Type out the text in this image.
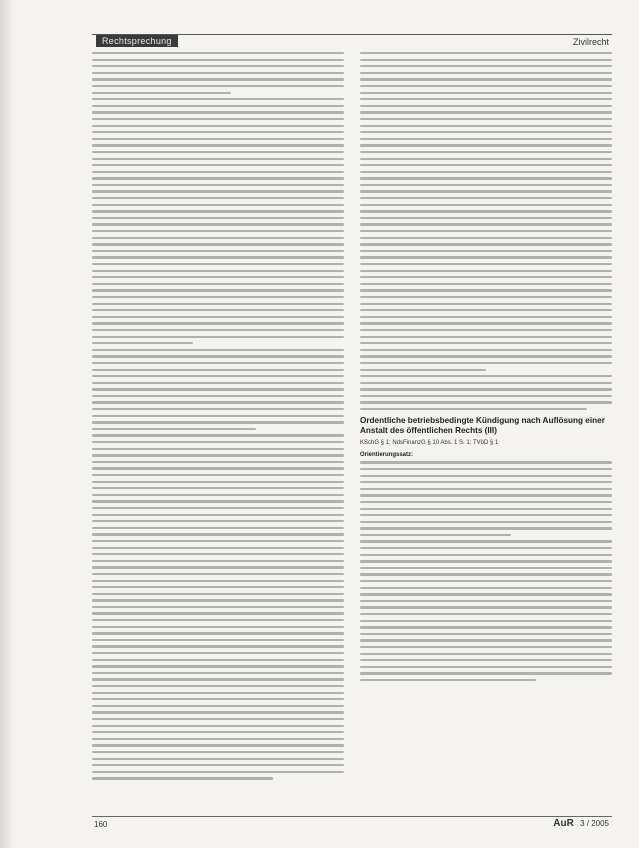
Rechtsprechung	Zivilrecht
Ordentliche betriebsbedingte Kündigung nach Auflösung einer Anstalt des öffentlichen Rechts (III)
KSchG § 1; NdsFinanzG § 10 Abs. 1 S. 1; TVöD § 1
Orientierungssatz:
160	AuR 3 / 2005
